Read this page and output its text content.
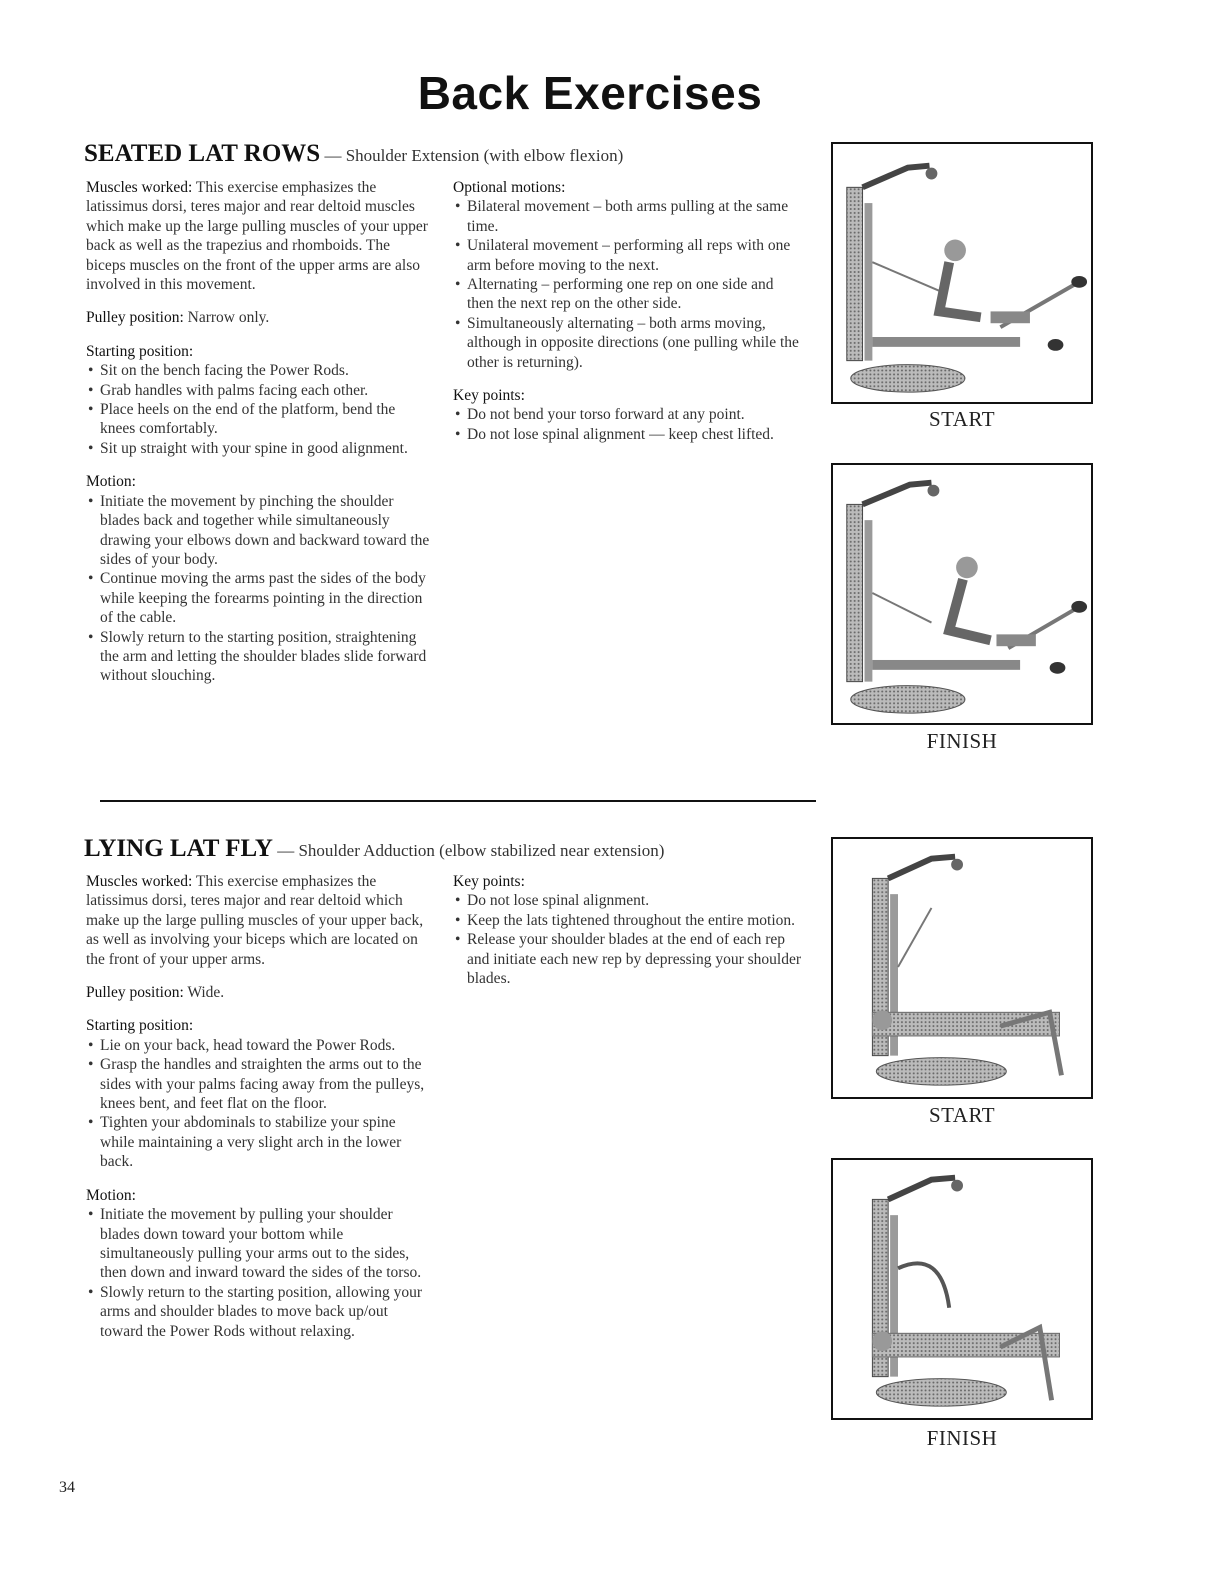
Back Exercises
SEATED LAT ROWS — Shoulder Extension (with elbow flexion)

Muscles worked: This exercise emphasizes the latissimus dorsi, teres major and rear deltoid muscles which make up the large pulling muscles of your upper back as well as the trapezius and rhomboids. The biceps muscles on the front of the upper arms are also involved in this movement.

Pulley position: Narrow only.

Starting position:
• Sit on the bench facing the Power Rods.
• Grab handles with palms facing each other.
• Place heels on the end of the platform, bend the knees comfortably.
• Sit up straight with your spine in good alignment.
Motion:
• Initiate the movement by pinching the shoulder blades back and together while simultaneously drawing your elbows down and backward toward the sides of your body.
• Continue moving the arms past the sides of the body while keeping the forearms pointing in the direction of the cable.
• Slowly return to the starting position, straightening the arm and letting the shoulder blades slide forward without slouching.
Optional motions:
• Bilateral movement – both arms pulling at the same time.
• Unilateral movement – performing all reps with one arm before moving to the next.
• Alternating – performing one rep on one side and then the next rep on the other side.
• Simultaneously alternating – both arms moving, although in opposite directions (one pulling while the other is returning).
Key points:
• Do not bend your torso forward at any point.
• Do not lose spinal alignment — keep chest lifted.
START
FINISH
LYING LAT FLY — Shoulder Adduction (elbow stabilized near extension)

Muscles worked: This exercise emphasizes the latissimus dorsi, teres major and rear deltoid which make up the large pulling muscles of your upper back, as well as involving your biceps which are located on the front of your upper arms.

Pulley position: Wide.

Starting position:
• Lie on your back, head toward the Power Rods.
• Grasp the handles and straighten the arms out to the sides with your palms facing away from the pulleys, knees bent, and feet flat on the floor.
• Tighten your abdominals to stabilize your spine while maintaining a very slight arch in the lower back.
Motion:
• Initiate the movement by pulling your shoulder blades down toward your bottom while simultaneously pulling your arms out to the sides, then down and inward toward the sides of the torso.
• Slowly return to the starting position, allowing your arms and shoulder blades to move back up/out toward the Power Rods without relaxing.
Key points:
• Do not lose spinal alignment.
• Keep the lats tightened throughout the entire motion.
• Release your shoulder blades at the end of each rep and initiate each new rep by depressing your shoulder blades.
START
FINISH
34
